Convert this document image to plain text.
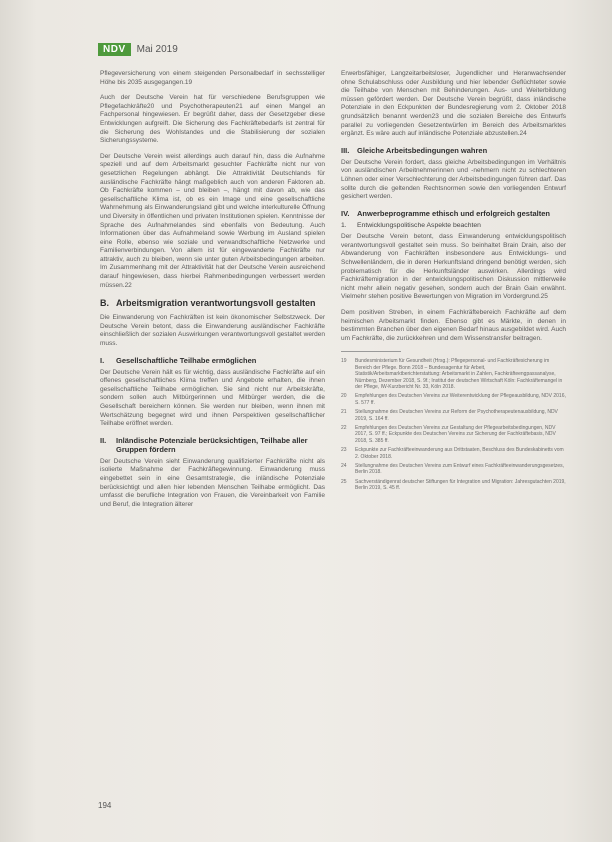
NDV	Mai 2019

Pflegeversicherung von einem steigenden Personalbedarf in sechsstelliger Höhe bis 2035 ausgegangen.19

Auch der Deutsche Verein hat für verschiedene Berufsgruppen wie Pflegefachkräfte20 und Psychotherapeuten21 auf einen Mangel an Fachpersonal hingewiesen. Er begrüßt daher, dass der Gesetzgeber diese Entwicklungen aufgreift. Die Sicherung des Fachkräftebedarfs ist zentral für die Sicherung des Wohlstandes und die Stabilisierung der sozialen Sicherungssysteme.

Der Deutsche Verein weist allerdings auch darauf hin, dass die Aufnahme speziell und auf dem Arbeitsmarkt gesuchter Fachkräfte nicht nur von gesetzlichen Regelungen abhängt. Die Attraktivität Deutschlands für ausländische Fachkräfte hängt maßgeblich auch von anderen Faktoren ab. Ob Fachkräfte kommen – und bleiben –, hängt mit davon ab, wie das gesellschaftliche Klima ist, ob es ein Image und eine gesellschaftliche Wahrnehmung als Einwanderungsland gibt und welche interkulturelle Öffnung und Diversity in öffentlichen und privaten Institutionen spielen. Kenntnisse der Sprache des Aufnahmelandes sind ebenfalls von Bedeutung. Auch Informationen über das Aufnahmeland sowie Werbung im Ausland spielen eine Rolle, ebenso wie soziale und verwandtschaftliche Netzwerke und Familienverbindungen. Von allem ist für eingewanderte Fachkräfte nur attraktiv, auch zu bleiben, wenn sie unter guten Arbeitsbedingungen arbeiten. Im Zusammenhang mit der Attraktivität hat der Deutsche Verein ausreichend darauf hingewiesen, dass hierbei Rahmenbedingungen verbessert werden müssen.22

B. Arbeitsmigration verantwortungsvoll gestalten

Die Einwanderung von Fachkräften ist kein ökonomischer Selbstzweck. Der Deutsche Verein betont, dass die Einwanderung ausländischer Fachkräfte einschließlich der sozialen Auswirkungen verantwortungsvoll gestaltet werden muss.

I.	Gesellschaftliche Teilhabe ermöglichen

Der Deutsche Verein hält es für wichtig, dass ausländische Fachkräfte auf ein offenes gesellschaftliches Klima treffen und Angebote erhalten, die ihnen gesellschaftliche Teilhabe ermöglichen. Sie sind nicht nur Arbeitskräfte, sondern sollen auch Mitbürgerinnen und Mitbürger werden, die die Gesellschaft bereichern können. Sie werden nur bleiben, wenn ihnen mit Wertschätzung begegnet wird und ihnen Perspektiven gesellschaftlicher Teilhabe eröffnet werden.

II.	Inländische Potenziale berücksichtigen, Teilhabe aller Gruppen fördern

Der Deutsche Verein sieht Einwanderung qualifizierter Fachkräfte nicht als isolierte Maßnahme der Fachkräftegewinnung. Einwanderung muss eingebettet sein in eine Gesamtstrategie, die inländische Potenziale berücksichtigt und allen hier lebenden Menschen Teilhabe ermöglicht. Das umfasst die berufliche Integration von Frauen, die Vereinbarkeit von Familie und Beruf, die Integration älterer

Erwerbsfähiger, Langzeitarbeitsloser, Jugendlicher und Heranwachsender ohne Schulabschluss oder Ausbildung und hier lebender Geflüchteter sowie die Teilhabe von Menschen mit Behinderungen. Aus- und Weiterbildung müssen gefördert werden. Der Deutsche Verein begrüßt, dass inländische Potenziale in den Eckpunkten der Bundesregierung vom 2. Oktober 2018 grundsätzlich benannt werden23 und die sozialen Bereiche des Entwurfs parallel zu vorliegenden Gesetzentwürfen im Bereich des Arbeitsmarktes ergänzt. Es wäre auch auf inländische Potenziale abzustellen.24

III.	Gleiche Arbeitsbedingungen wahren

Der Deutsche Verein fordert, dass gleiche Arbeitsbedingungen im Verhältnis von ausländischen Arbeitnehmerinnen und -nehmern nicht zu schlechteren Löhnen oder einer Verschlechterung der Arbeitsbedingungen führen darf. Das sollte durch die geltenden Rechtsnormen sowie den vorliegenden Entwurf gesichert werden.

IV.	Anwerbeprogramme ethisch und erfolgreich gestalten
1.	Entwicklungspolitische Aspekte beachten

Der Deutsche Verein betont, dass Einwanderung entwicklungspolitisch verantwortungsvoll gestaltet sein muss. So beinhaltet Brain Drain, also der Abwanderung von Fachkräften insbesondere aus Entwicklungs- und Schwellenländern, die in deren Herkunftsland dringend benötigt werden, sich problematisch für die Herkunftsländer auswirken. Allerdings wird Fachkräftemigration in der entwicklungspolitischen Diskussion mittlerweile nicht mehr allein negativ gesehen, sondern auch der Brain Gain erwähnt. Vielmehr stehen positive Bewertungen von Migration im Vordergrund.25

Dem positiven Streben, in einem Fachkräftebereich Fachkräfte auf dem heimischen Arbeitsmarkt finden. Ebenso gibt es Märkte, in denen in bestimmten Branchen über den eigenen Bedarf hinaus ausgebildet wird. Auch um Fachkräfte, die zurückkehren und dem Wissenstransfer beitragen.

19	Bundesministerium für Gesundheit (Hrsg.): Pflegepersonal- und Fachkräftesicherung im Bereich der Pflege. Bonn 2018 – Bundesagentur für Arbeit, Statistik/Arbeitsmarktberichterstattung: Arbeitsmarkt in Zahlen, Fachkräfteengpassanalyse, Nürnberg, Dezember 2018, S. 9f.; Institut der deutschen Wirtschaft Köln: Fachkräftemangel in der Pflege, IW-Kurzbericht Nr. 33, Köln 2018.
20	Empfehlungen des Deutschen Vereins zur Weiterentwicklung der Pflegeausbildung, NDV 2016, S. 577 ff.
21	Stellungnahme des Deutschen Vereins zur Reform der Psychotherapeutenausbildung, NDV 2019, S. 164 ff.
22	Empfehlungen des Deutschen Vereins zur Gestaltung der Pflegearbeitsbedingungen, NDV 2017, S. 97 ff.; Eckpunkte des Deutschen Vereins zur Sicherung der Fachkräftebasis, NDV 2018, S. 385 ff.
23	Eckpunkte zur Fachkräfteeinwanderung aus Drittstaaten, Beschluss des Bundeskabinetts vom 2. Oktober 2018.
24	Stellungnahme des Deutschen Vereins zum Entwurf eines Fachkräfteeinwanderungsgesetzes, Berlin 2018.
25	Sachverständigenrat deutscher Stiftungen für Integration und Migration: Jahresgutachten 2019, Berlin 2019, S. 45 ff.
194
